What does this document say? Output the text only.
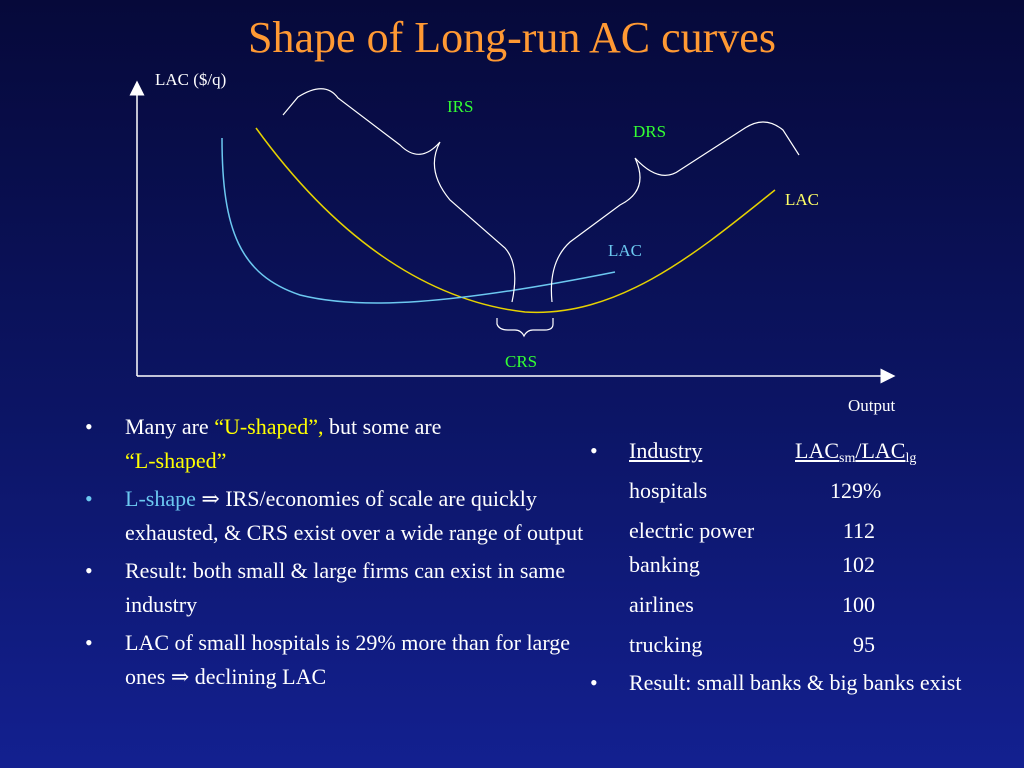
Shape of Long-run AC curves
LAC ($/q)
Output
IRS
DRS
CRS
LAC
LAC
• Many are “U-shaped”, but some are
“L-shaped”
• L-shape ⇒ IRS/economies of scale are quickly exhausted, & CRS exist over a wide range of output
• Result: both small & large firms can exist in same industry
• LAC of small hospitals is 29% more than for large ones ⇒ declining LAC
• Industry	$LAC_{sm}/LAC_{lg}$
hospitals	129%
electric power	112
banking	102
airlines	100
trucking	95
• Result: small banks & big banks exist
